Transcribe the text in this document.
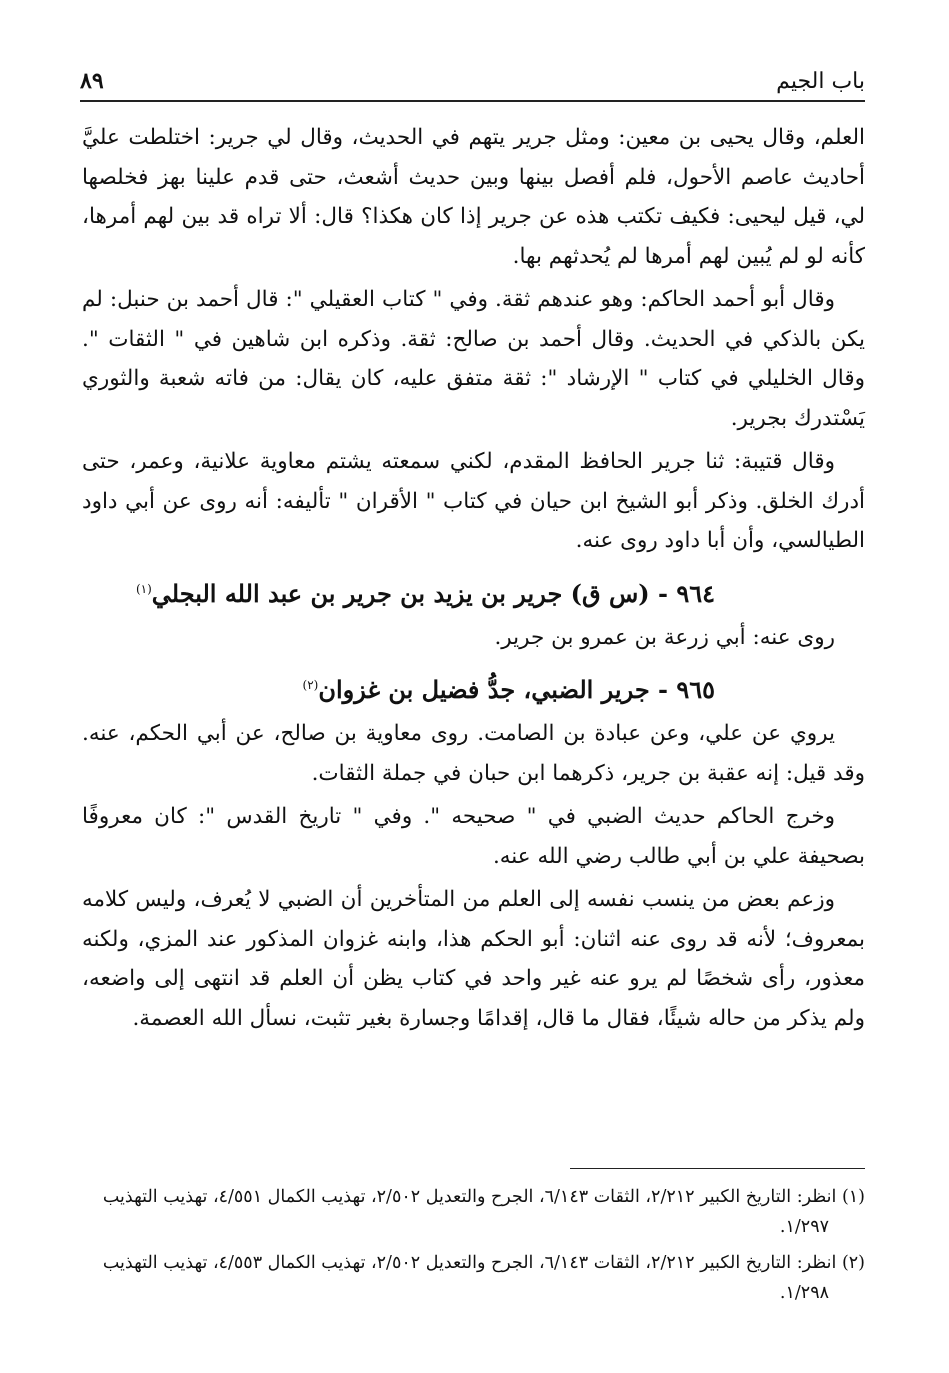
باب الجيم
٨٩

العلم، وقال يحيى بن معين: ومثل جرير يتهم في الحديث، وقال لي جرير: اختلطت عليَّ أحاديث عاصم الأحول، فلم أفصل بينها وبين حديث أشعث، حتى قدم علينا بهز فخلصها لي، قيل ليحيى: فكيف تكتب هذه عن جرير إذا كان هكذا؟ قال: ألا تراه قد بين لهم أمرها، كأنه لو لم يُبين لهم أمرها لم يُحدثهم بها.

وقال أبو أحمد الحاكم: وهو عندهم ثقة. وفي " كتاب العقيلي ": قال أحمد بن حنبل: لم يكن بالذكي في الحديث. وقال أحمد بن صالح: ثقة. وذكره ابن شاهين في " الثقات ". وقال الخليلي في كتاب " الإرشاد ": ثقة متفق عليه، كان يقال: من فاته شعبة والثوري يَسْتدرك بجرير.

وقال قتيبة: ثنا جرير الحافظ المقدم، لكني سمعته يشتم معاوية علانية، وعمر، حتى أدرك الخلق. وذكر أبو الشيخ ابن حيان في كتاب " الأقران " تأليفه: أنه روى عن أبي داود الطيالسي، وأن أبا داود روى عنه.

٩٦٤ - (س ق) جرير بن يزيد بن جرير بن عبد الله البجلي$^{(١)}$

روى عنه: أبي زرعة بن عمرو بن جرير.

٩٦٥ - جرير الضبي، جدُّ فضيل بن غزوان$^{(٢)}$

يروي عن علي، وعن عبادة بن الصامت. روى معاوية بن صالح، عن أبي الحكم، عنه. وقد قيل: إنه عقبة بن جرير، ذكرهما ابن حبان في جملة الثقات.

وخرج الحاكم حديث الضبي في " صحيحه ". وفي " تاريخ القدس ": كان معروفًا بصحيفة علي بن أبي طالب رضي الله عنه.

وزعم بعض من ينسب نفسه إلى العلم من المتأخرين أن الضبي لا يُعرف، وليس كلامه بمعروف؛ لأنه قد روى عنه اثنان: أبو الحكم هذا، وابنه غزوان المذكور عند المزي، ولكنه معذور، رأى شخصًا لم يرو عنه غير واحد في كتاب يظن أن العلم قد انتهى إلى واضعه، ولم يذكر من حاله شيئًا، فقال ما قال، إقدامًا وجسارة بغير تثبت، نسأل الله العصمة.

(١) انظر: التاريخ الكبير ٢/٢١٢، الثقات ٦/١٤٣، الجرح والتعديل ٢/٥٠٢، تهذيب الكمال ٤/٥٥١، تهذيب التهذيب ١/٢٩٧.

(٢) انظر: التاريخ الكبير ٢/٢١٢، الثقات ٦/١٤٣، الجرح والتعديل ٢/٥٠٢، تهذيب الكمال ٤/٥٥٣، تهذيب التهذيب ١/٢٩٨.
